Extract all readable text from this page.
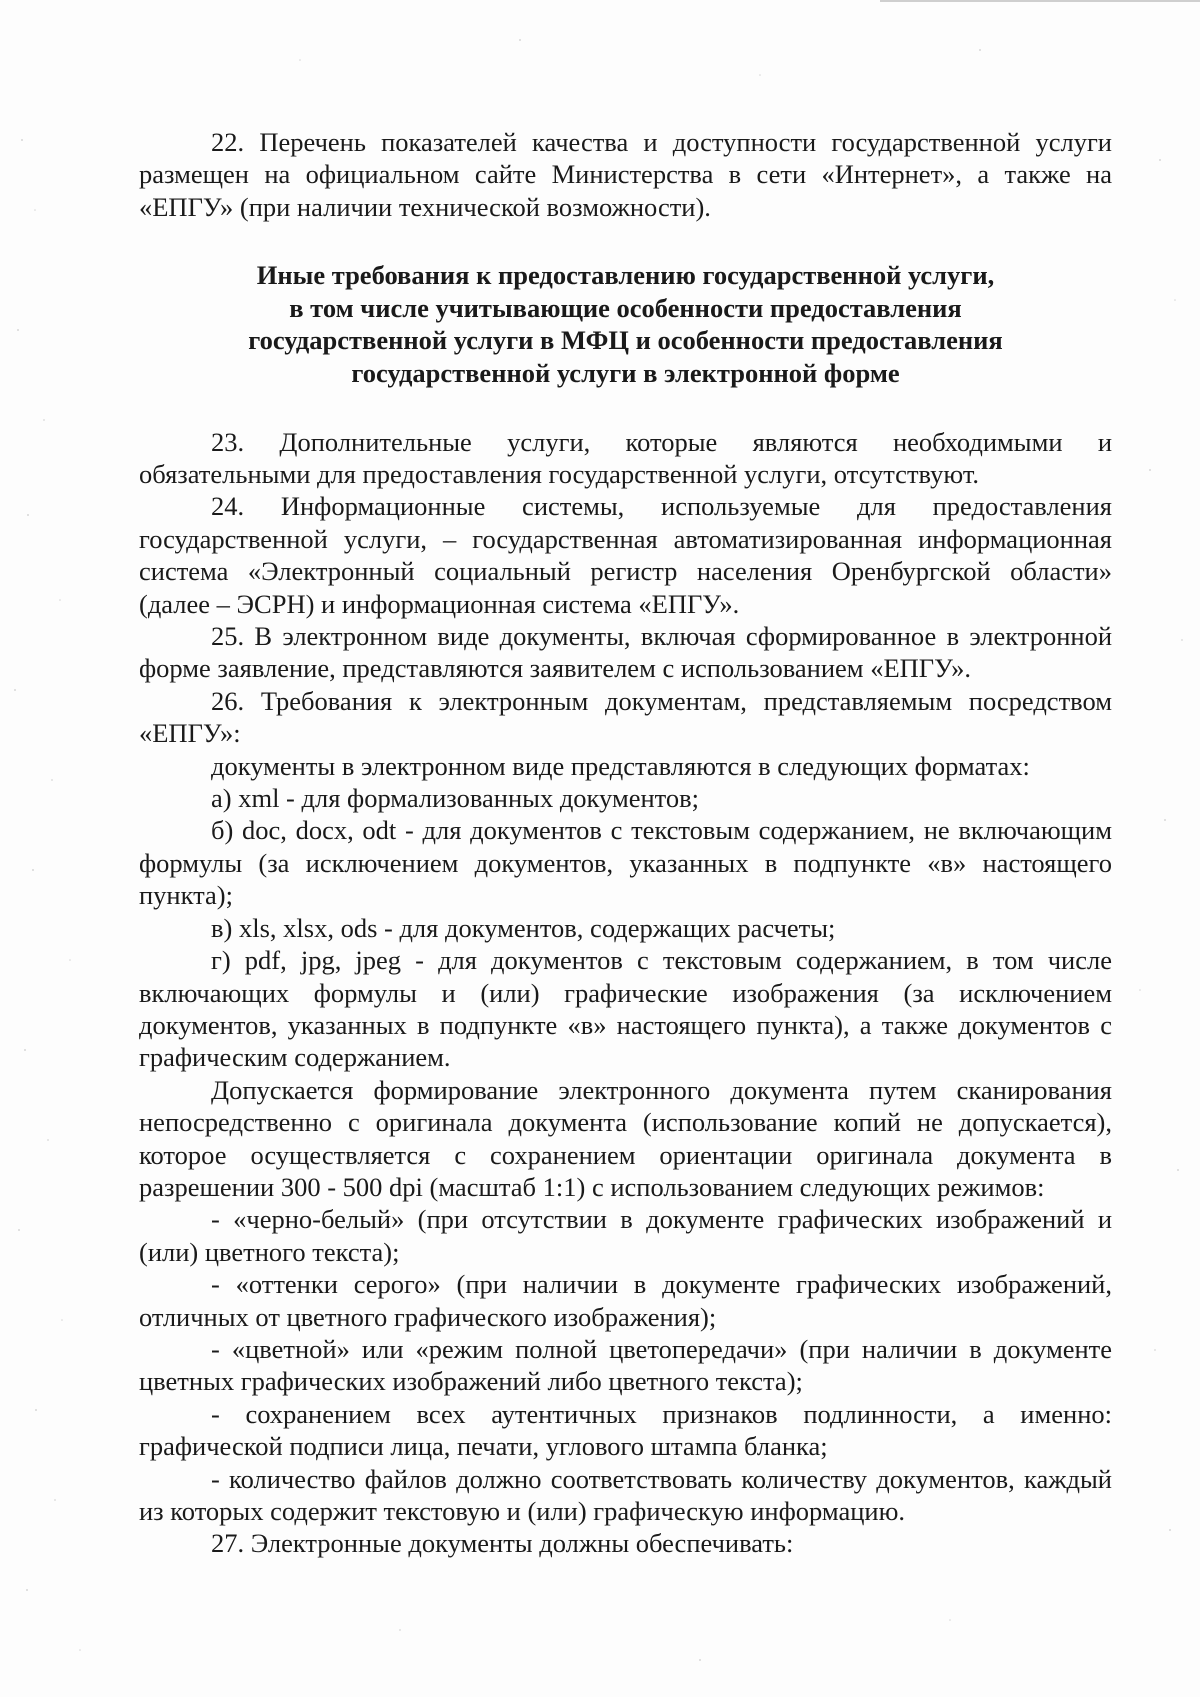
22. Перечень показателей качества и доступности государственной услуги размещен на официальном сайте Министерства в сети «Интернет», а также на «ЕПГУ» (при наличии технической возможности).

Иные требования к предоставлению государственной услуги,
в том числе учитывающие особенности предоставления
государственной услуги в МФЦ и особенности предоставления
государственной услуги в электронной форме

23. Дополнительные услуги, которые являются необходимыми и обязательными для предоставления государственной услуги, отсутствуют.

24. Информационные системы, используемые для предоставления государственной услуги, – государственная автоматизированная информационная система «Электронный социальный регистр населения Оренбургской области» (далее – ЭСРН) и информационная система «ЕПГУ».

25. В электронном виде документы, включая сформированное в электронной форме заявление, представляются заявителем с использованием «ЕПГУ».

26. Требования к электронным документам, представляемым посредством «ЕПГУ»:

документы в электронном виде представляются в следующих форматах:

а) xml - для формализованных документов;

б) doc, docx, odt - для документов с текстовым содержанием, не включающим формулы (за исключением документов, указанных в подпункте «в» настоящего пункта);

в) xls, xlsx, ods - для документов, содержащих расчеты;

г) pdf, jpg, jpeg - для документов с текстовым содержанием, в том числе включающих формулы и (или) графические изображения (за исключением документов, указанных в подпункте «в» настоящего пункта), а также документов с графическим содержанием.

Допускается формирование электронного документа путем сканирования непосредственно с оригинала документа (использование копий не допускается), которое осуществляется с сохранением ориентации оригинала документа в разрешении 300 - 500 dpi (масштаб 1:1) с использованием следующих режимов:

- «черно-белый» (при отсутствии в документе графических изображений и (или) цветного текста);

- «оттенки серого» (при наличии в документе графических изображений, отличных от цветного графического изображения);

- «цветной» или «режим полной цветопередачи» (при наличии в документе цветных графических изображений либо цветного текста);

- сохранением всех аутентичных признаков подлинности, а именно: графической подписи лица, печати, углового штампа бланка;

- количество файлов должно соответствовать количеству документов, каждый из которых содержит текстовую и (или) графическую информацию.

27. Электронные документы должны обеспечивать:
